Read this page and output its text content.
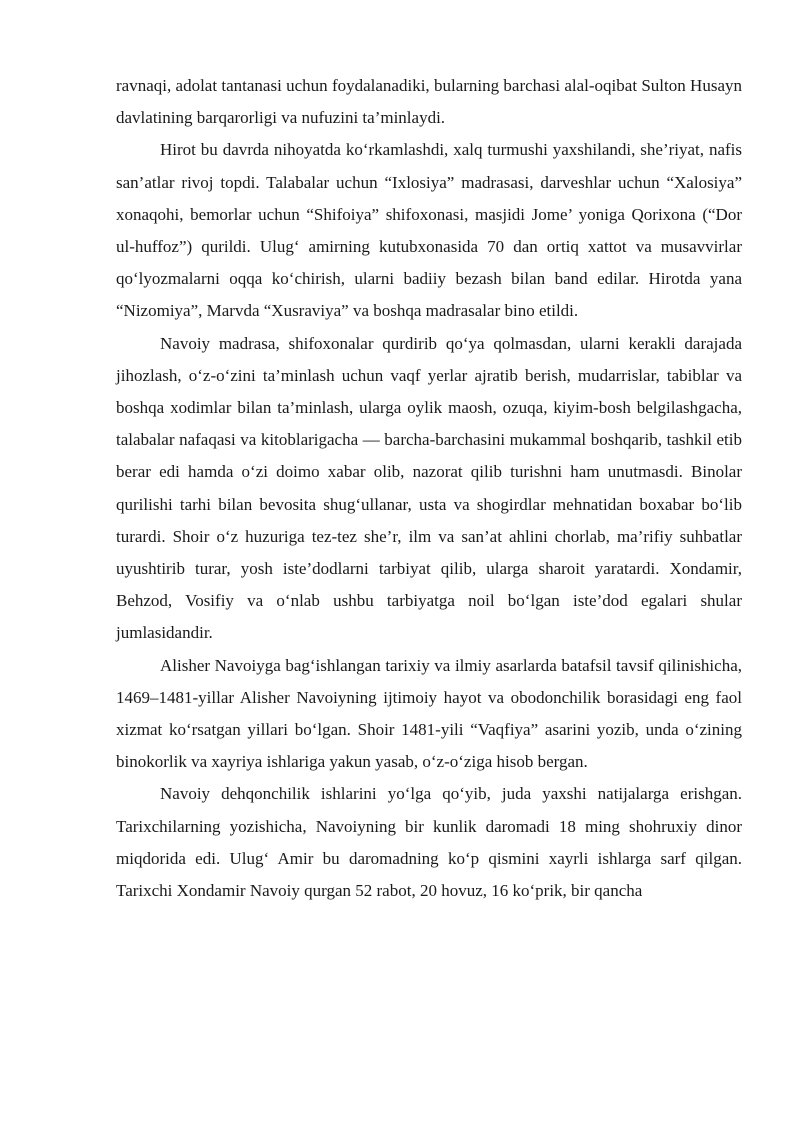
ravnaqi, adolat tantanasi uchun foydalanadiki, bularning barchasi alal-oqibat Sulton Husayn davlatining barqarorligi va nufuzini ta’minlaydi.

Hirot bu davrda nihoyatda ko‘rkamlashdi, xalq turmushi yaxshilandi, she’riyat, nafis san’atlar rivoj topdi. Talabalar uchun “Ixlosiya” madrasasi, darveshlar uchun “Xalosiya” xonaqohi, bemorlar uchun “Shifoiya” shifoxonasi, masjidi Jome’ yoniga Qorixona (“Dor ul-huffoz”) qurildi. Ulug‘ amirning kutubxonasida 70 dan ortiq xattot va musavvirlar qo‘lyozmalarni oqqa ko‘chirish, ularni badiiy bezash bilan band edilar. Hirotda yana “Nizomiya”, Marvda “Xusraviya” va boshqa madrasalar bino etildi.

Navoiy madrasa, shifoxonalar qurdirib qo‘ya qolmasdan, ularni kerakli darajada jihozlash, o‘z-o‘zini ta’minlash uchun vaqf yerlar ajratib berish, mudarrislar, tabiblar va boshqa xodimlar bilan ta’minlash, ularga oylik maosh, ozuqa, kiyim-bosh belgilashgacha, talabalar nafaqasi va kitoblarigacha — barcha-barchasini mukammal boshqarib, tashkil etib berar edi hamda o‘zi doimo xabar olib, nazorat qilib turishni ham unutmasdi. Binolar qurilishi tarhi bilan bevosita shug‘ullanar, usta va shogirdlar mehnatidan boxabar bo‘lib turardi. Shoir o‘z huzuriga tez-tez she’r, ilm va san’at ahlini chorlab, ma’rifiy suhbatlar uyushtirib turar, yosh iste’dodlarni tarbiyat qilib, ularga sharoit yaratardi. Xondamir, Behzod, Vosifiy va o‘nlab ushbu tarbiyatga noil bo‘lgan iste’dod egalari shular jumlasidandir.

Alisher Navoiyga bag‘ishlangan tarixiy va ilmiy asarlarda batafsil tavsif qilinishicha, 1469–1481-yillar Alisher Navoiyning ijtimoiy hayot va obodonchilik borasidagi eng faol xizmat ko‘rsatgan yillari bo‘lgan. Shoir 1481-yili “Vaqfiya” asarini yozib, unda o‘zining binokorlik va xayriya ishlariga yakun yasab, o‘z-o‘ziga hisob bergan.

Navoiy dehqonchilik ishlarini yo‘lga qo‘yib, juda yaxshi natijalarga erishgan. Tarixchilarning yozishicha, Navoiyning bir kunlik daromadi 18 ming shohruxiy dinor miqdorida edi. Ulug‘ Amir bu daromadning ko‘p qismini xayrli ishlarga sarf qilgan. Tarixchi Xondamir Navoiy qurgan 52 rabot, 20 hovuz, 16 ko‘prik, bir qancha
